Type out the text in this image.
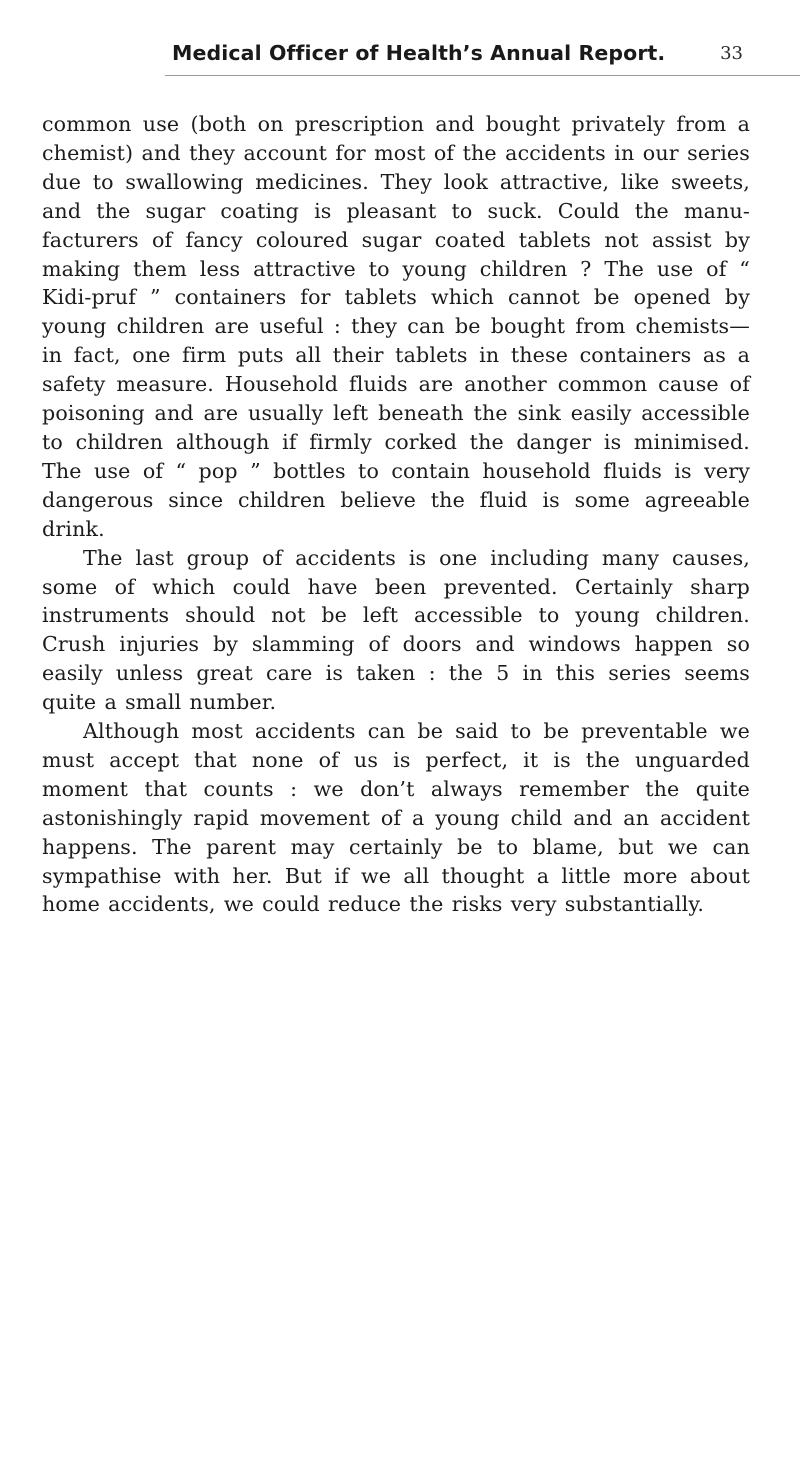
Medical Officer of Health’s Annual Report.	33

common use (both on prescription and bought privately from a chemist) and they account for most of the accidents in our series due to swallowing medicines. They look attractive, like sweets, and the sugar coating is pleasant to suck. Could the manu- facturers of fancy coloured sugar coated tablets not assist by making them less attractive to young children ? The use of “ Kidi-pruf ” containers for tablets which cannot be opened by young children are useful : they can be bought from chemists— in fact, one firm puts all their tablets in these containers as a safety measure. Household fluids are another common cause of poisoning and are usually left beneath the sink easily accessible to children although if firmly corked the danger is minimised. The use of “ pop ” bottles to contain household fluids is very dangerous since children believe the fluid is some agreeable drink.

The last group of accidents is one including many causes, some of which could have been prevented. Certainly sharp instruments should not be left accessible to young children. Crush injuries by slamming of doors and windows happen so easily unless great care is taken : the 5 in this series seems quite a small number.

Although most accidents can be said to be preventable we must accept that none of us is perfect, it is the unguarded moment that counts : we don’t always remember the quite astonishingly rapid movement of a young child and an accident happens. The parent may certainly be to blame, but we can sympathise with her. But if we all thought a little more about home accidents, we could reduce the risks very substantially.
